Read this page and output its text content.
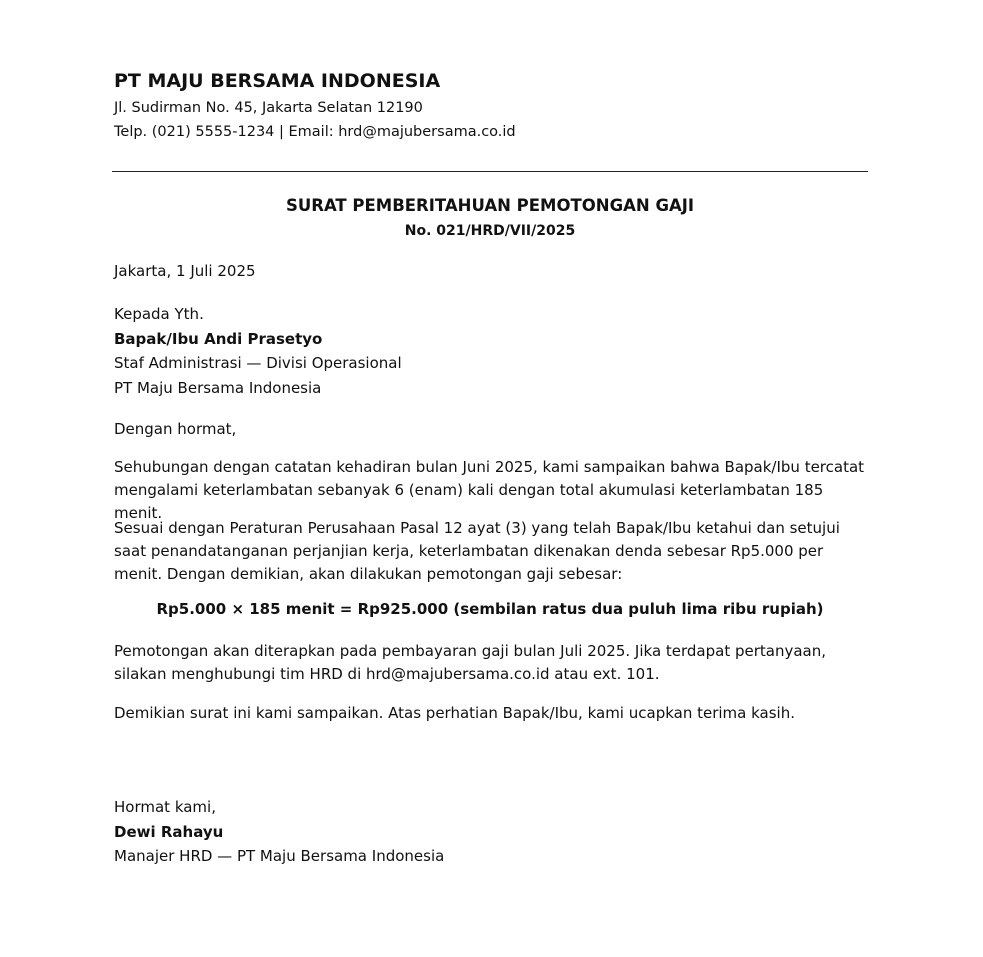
PT MAJU BERSAMA INDONESIA

Jl. Sudirman No. 45, Jakarta Selatan 12190

Telp. (021) 5555-1234 | Email: hrd@majubersama.co.id

SURAT PEMBERITAHUAN PEMOTONGAN GAJI

No. 021/HRD/VII/2025

Jakarta, 1 Juli 2025

Kepada Yth.

Bapak/Ibu Andi Prasetyo

Staf Administrasi — Divisi Operasional

PT Maju Bersama Indonesia

Dengan hormat,

Sehubungan dengan catatan kehadiran bulan Juni 2025, kami sampaikan bahwa Bapak/Ibu tercatat mengalami keterlambatan sebanyak 6 (enam) kali dengan total akumulasi keterlambatan 185 menit.

Sesuai dengan Peraturan Perusahaan Pasal 12 ayat (3) yang telah Bapak/Ibu ketahui dan setujui saat penandatanganan perjanjian kerja, keterlambatan dikenakan denda sebesar Rp5.000 per menit. Dengan demikian, akan dilakukan pemotongan gaji sebesar:

Rp5.000 × 185 menit = Rp925.000 (sembilan ratus dua puluh lima ribu rupiah)

Pemotongan akan diterapkan pada pembayaran gaji bulan Juli 2025. Jika terdapat pertanyaan, silakan menghubungi tim HRD di hrd@majubersama.co.id atau ext. 101.

Demikian surat ini kami sampaikan. Atas perhatian Bapak/Ibu, kami ucapkan terima kasih.

Hormat kami,

Dewi Rahayu

Manajer HRD — PT Maju Bersama Indonesia
